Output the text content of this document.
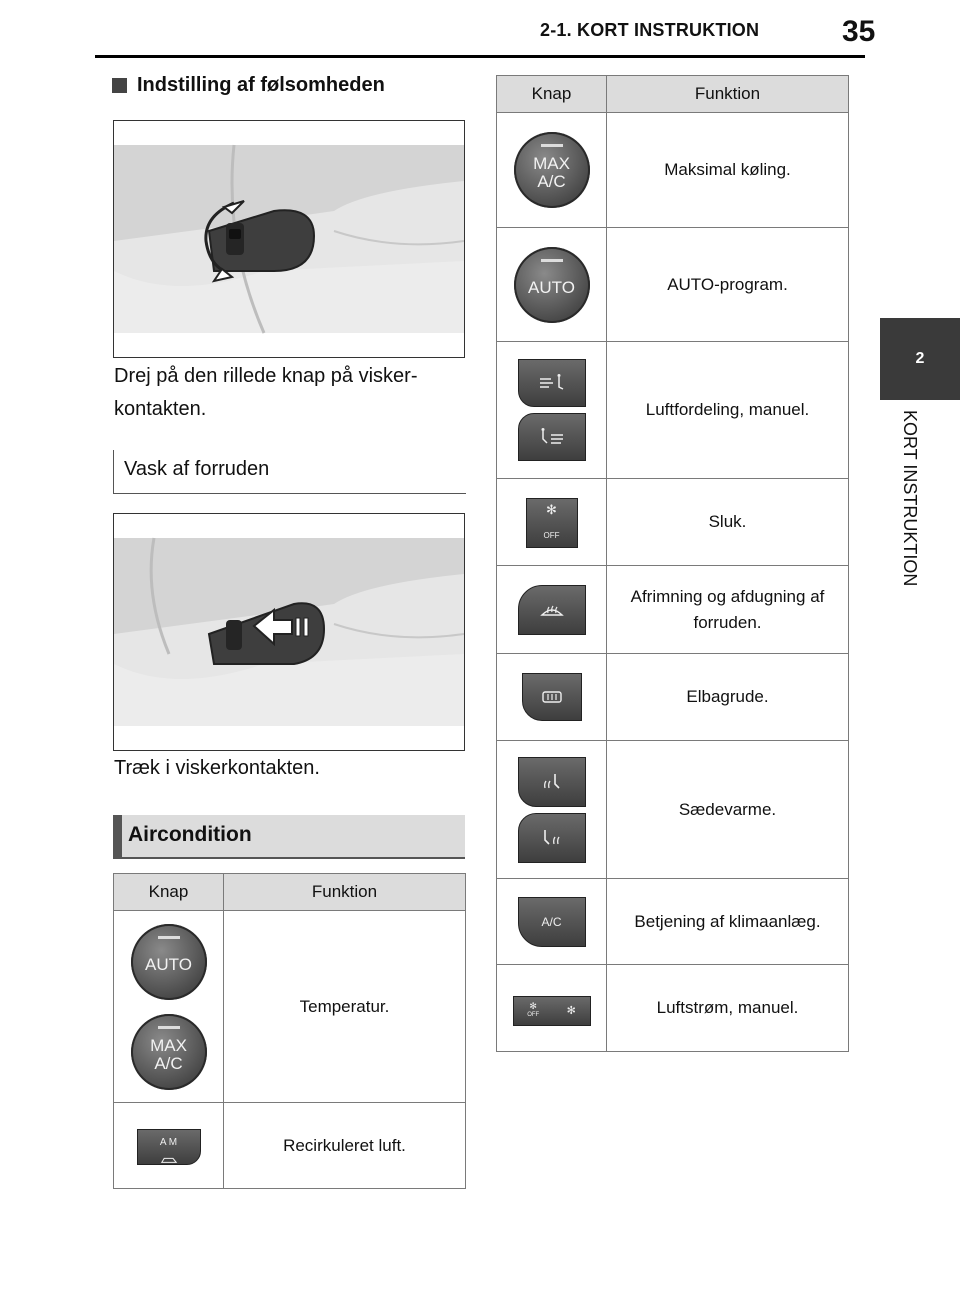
2-1. KORT INSTRUKTION	35
2
KORT INSTRUKTION
Indstilling af følsomheden
Drej på den rillede knap på visker-kontakten.
Vask af forruden
Træk i viskerkontakten.
Aircondition
Knap	Funktion

AUTO
MAX A/C	Temperatur.

A M	Recirkuleret luft.
Knap	Funktion

MAX A/C	Maksimal køling.

AUTO	AUTO-program.

	Luftfordeling, manuel.

✻
OFF	Sluk.

	Afrimning og afdugning af forruden.

	Elbagrude.

	Sædevarme.

A/C	Betjening af klimaanlæg.

✻
OFF ✻	Luftstrøm, manuel.
